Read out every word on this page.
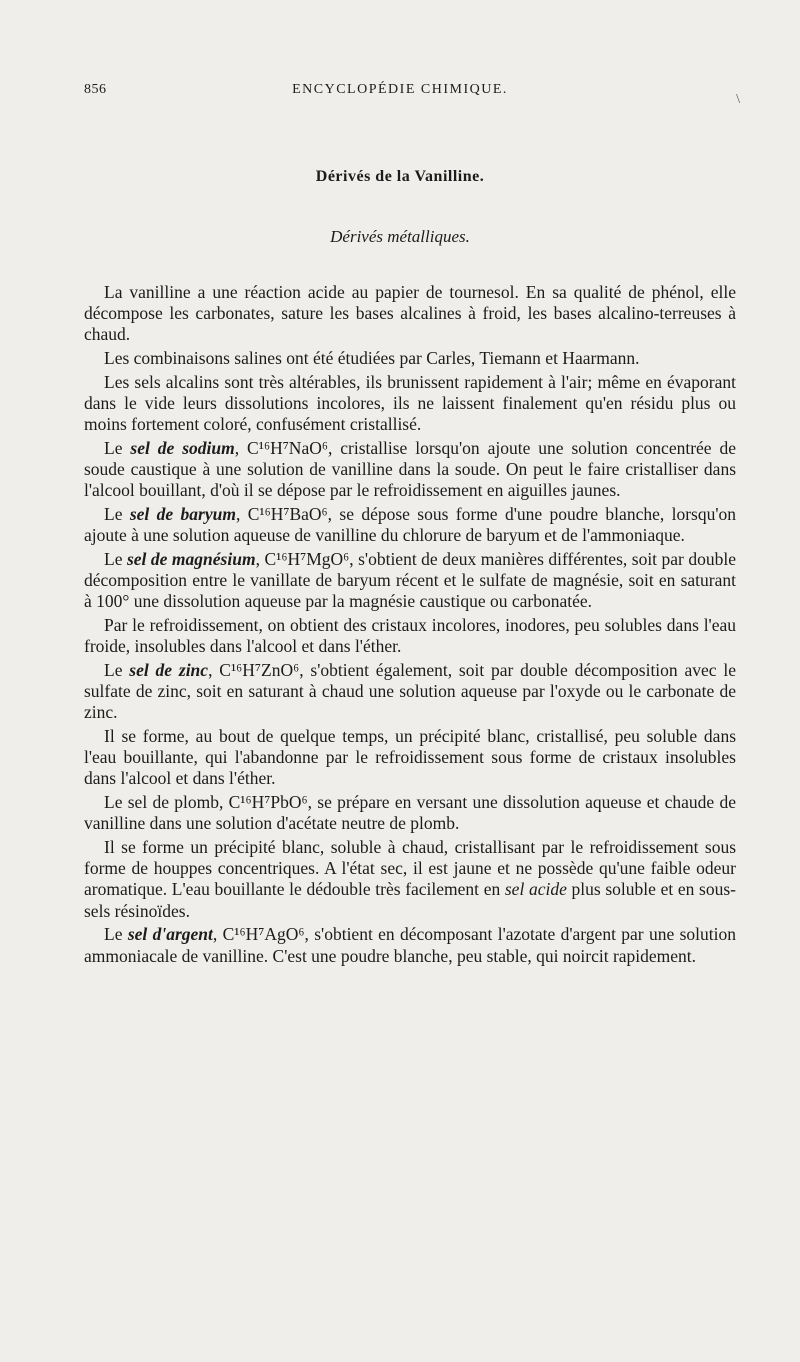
856	ENCYCLOPÉDIE CHIMIQUE.
\
Dérivés de la Vanilline.
Dérivés métalliques.

La vanilline a une réaction acide au papier de tournesol. En sa qualité de phénol, elle décompose les carbonates, sature les bases alcalines à froid, les bases alcalino-terreuses à chaud.

Les combinaisons salines ont été étudiées par Carles, Tiemann et Haarmann.

Les sels alcalins sont très altérables, ils brunissent rapidement à l'air; même en évaporant dans le vide leurs dissolutions incolores, ils ne laissent finalement qu'en résidu plus ou moins fortement coloré, confusément cristallisé.

Le sel de sodium, C¹⁶H⁷NaO⁶, cristallise lorsqu'on ajoute une solution concentrée de soude caustique à une solution de vanilline dans la soude. On peut le faire cristalliser dans l'alcool bouillant, d'où il se dépose par le refroidissement en aiguilles jaunes.

Le sel de baryum, C¹⁶H⁷BaO⁶, se dépose sous forme d'une poudre blanche, lorsqu'on ajoute à une solution aqueuse de vanilline du chlorure de baryum et de l'ammoniaque.

Le sel de magnésium, C¹⁶H⁷MgO⁶, s'obtient de deux manières différentes, soit par double décomposition entre le vanillate de baryum récent et le sulfate de magnésie, soit en saturant à 100° une dissolution aqueuse par la magnésie caustique ou carbonatée.

Par le refroidissement, on obtient des cristaux incolores, inodores, peu solubles dans l'eau froide, insolubles dans l'alcool et dans l'éther.

Le sel de zinc, C¹⁶H⁷ZnO⁶, s'obtient également, soit par double décomposition avec le sulfate de zinc, soit en saturant à chaud une solution aqueuse par l'oxyde ou le carbonate de zinc.

Il se forme, au bout de quelque temps, un précipité blanc, cristallisé, peu soluble dans l'eau bouillante, qui l'abandonne par le refroidissement sous forme de cristaux insolubles dans l'alcool et dans l'éther.

Le sel de plomb, C¹⁶H⁷PbO⁶, se prépare en versant une dissolution aqueuse et chaude de vanilline dans une solution d'acétate neutre de plomb.

Il se forme un précipité blanc, soluble à chaud, cristallisant par le refroidissement sous forme de houppes concentriques. A l'état sec, il est jaune et ne possède qu'une faible odeur aromatique. L'eau bouillante le dédouble très facilement en sel acide plus soluble et en sous-sels résinoïdes.

Le sel d'argent, C¹⁶H⁷AgO⁶, s'obtient en décomposant l'azotate d'argent par une solution ammoniacale de vanilline. C'est une poudre blanche, peu stable, qui noircit rapidement.
